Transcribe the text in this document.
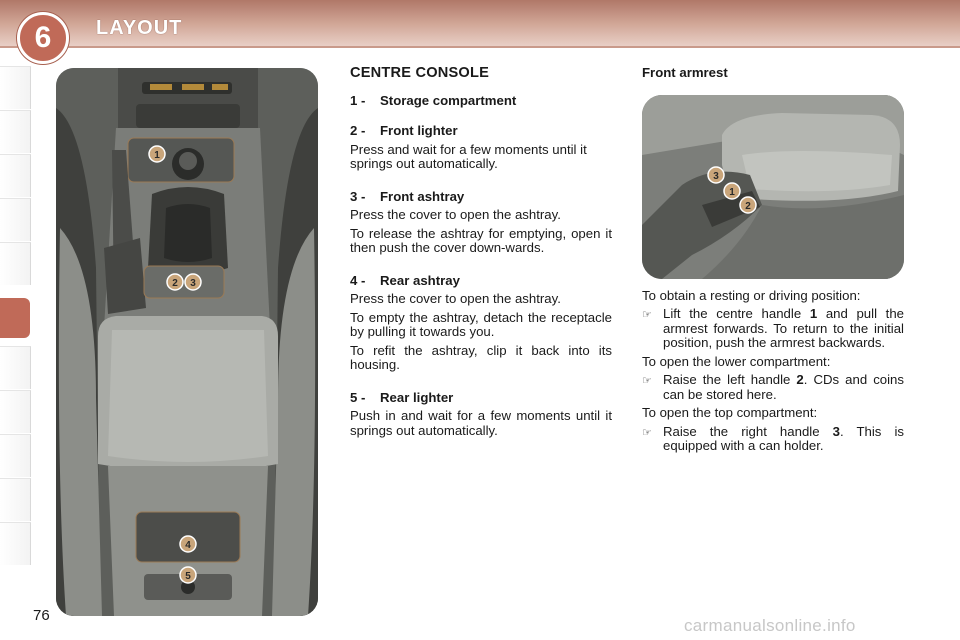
6	LAYOUT
1
2 3
4
5
CENTRE CONSOLE
1 - Storage compartment
2 - Front lighter

Press and wait for a few moments until it springs out automatically.

3 - Front ashtray

Press the cover to open the ashtray.

To release the ashtray for emptying, open it then push the cover down-wards.

4 - Rear ashtray

Press the cover to open the ashtray.

To empty the ashtray, detach the receptacle by pulling it towards you.

To refit the ashtray, clip it back into its housing.

5 - Rear lighter

Push in and wait for a few moments until it springs out automatically.

Front armrest
3
1
2

To obtain a resting or driving position:

☞ Lift the centre handle 1 and pull the armrest forwards. To return to the initial position, push the armrest backwards.

To open the lower compartment:

☞ Raise the left handle 2. CDs and coins can be stored here.

To open the top compartment:

☞ Raise the right handle 3. This is equipped with a can holder.
76
carmanualsonline.info
